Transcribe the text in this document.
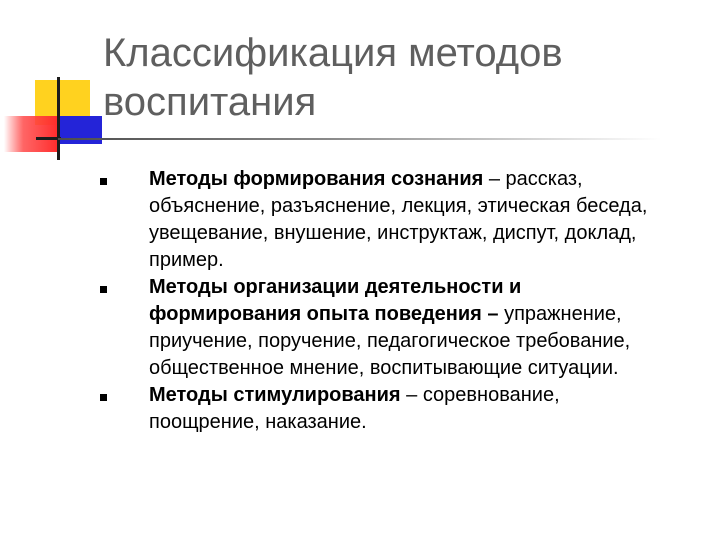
Классификация методов воспитания
Методы формирования сознания – рассказ, объяснение, разъяснение, лекция, этическая беседа, увещевание, внушение, инструктаж, диспут, доклад, пример.
Методы организации деятельности и формирования опыта поведения – упражнение, приучение, поручение, педагогическое требование, общественное мнение, воспитывающие ситуации.
Методы стимулирования – соревнование, поощрение, наказание.
